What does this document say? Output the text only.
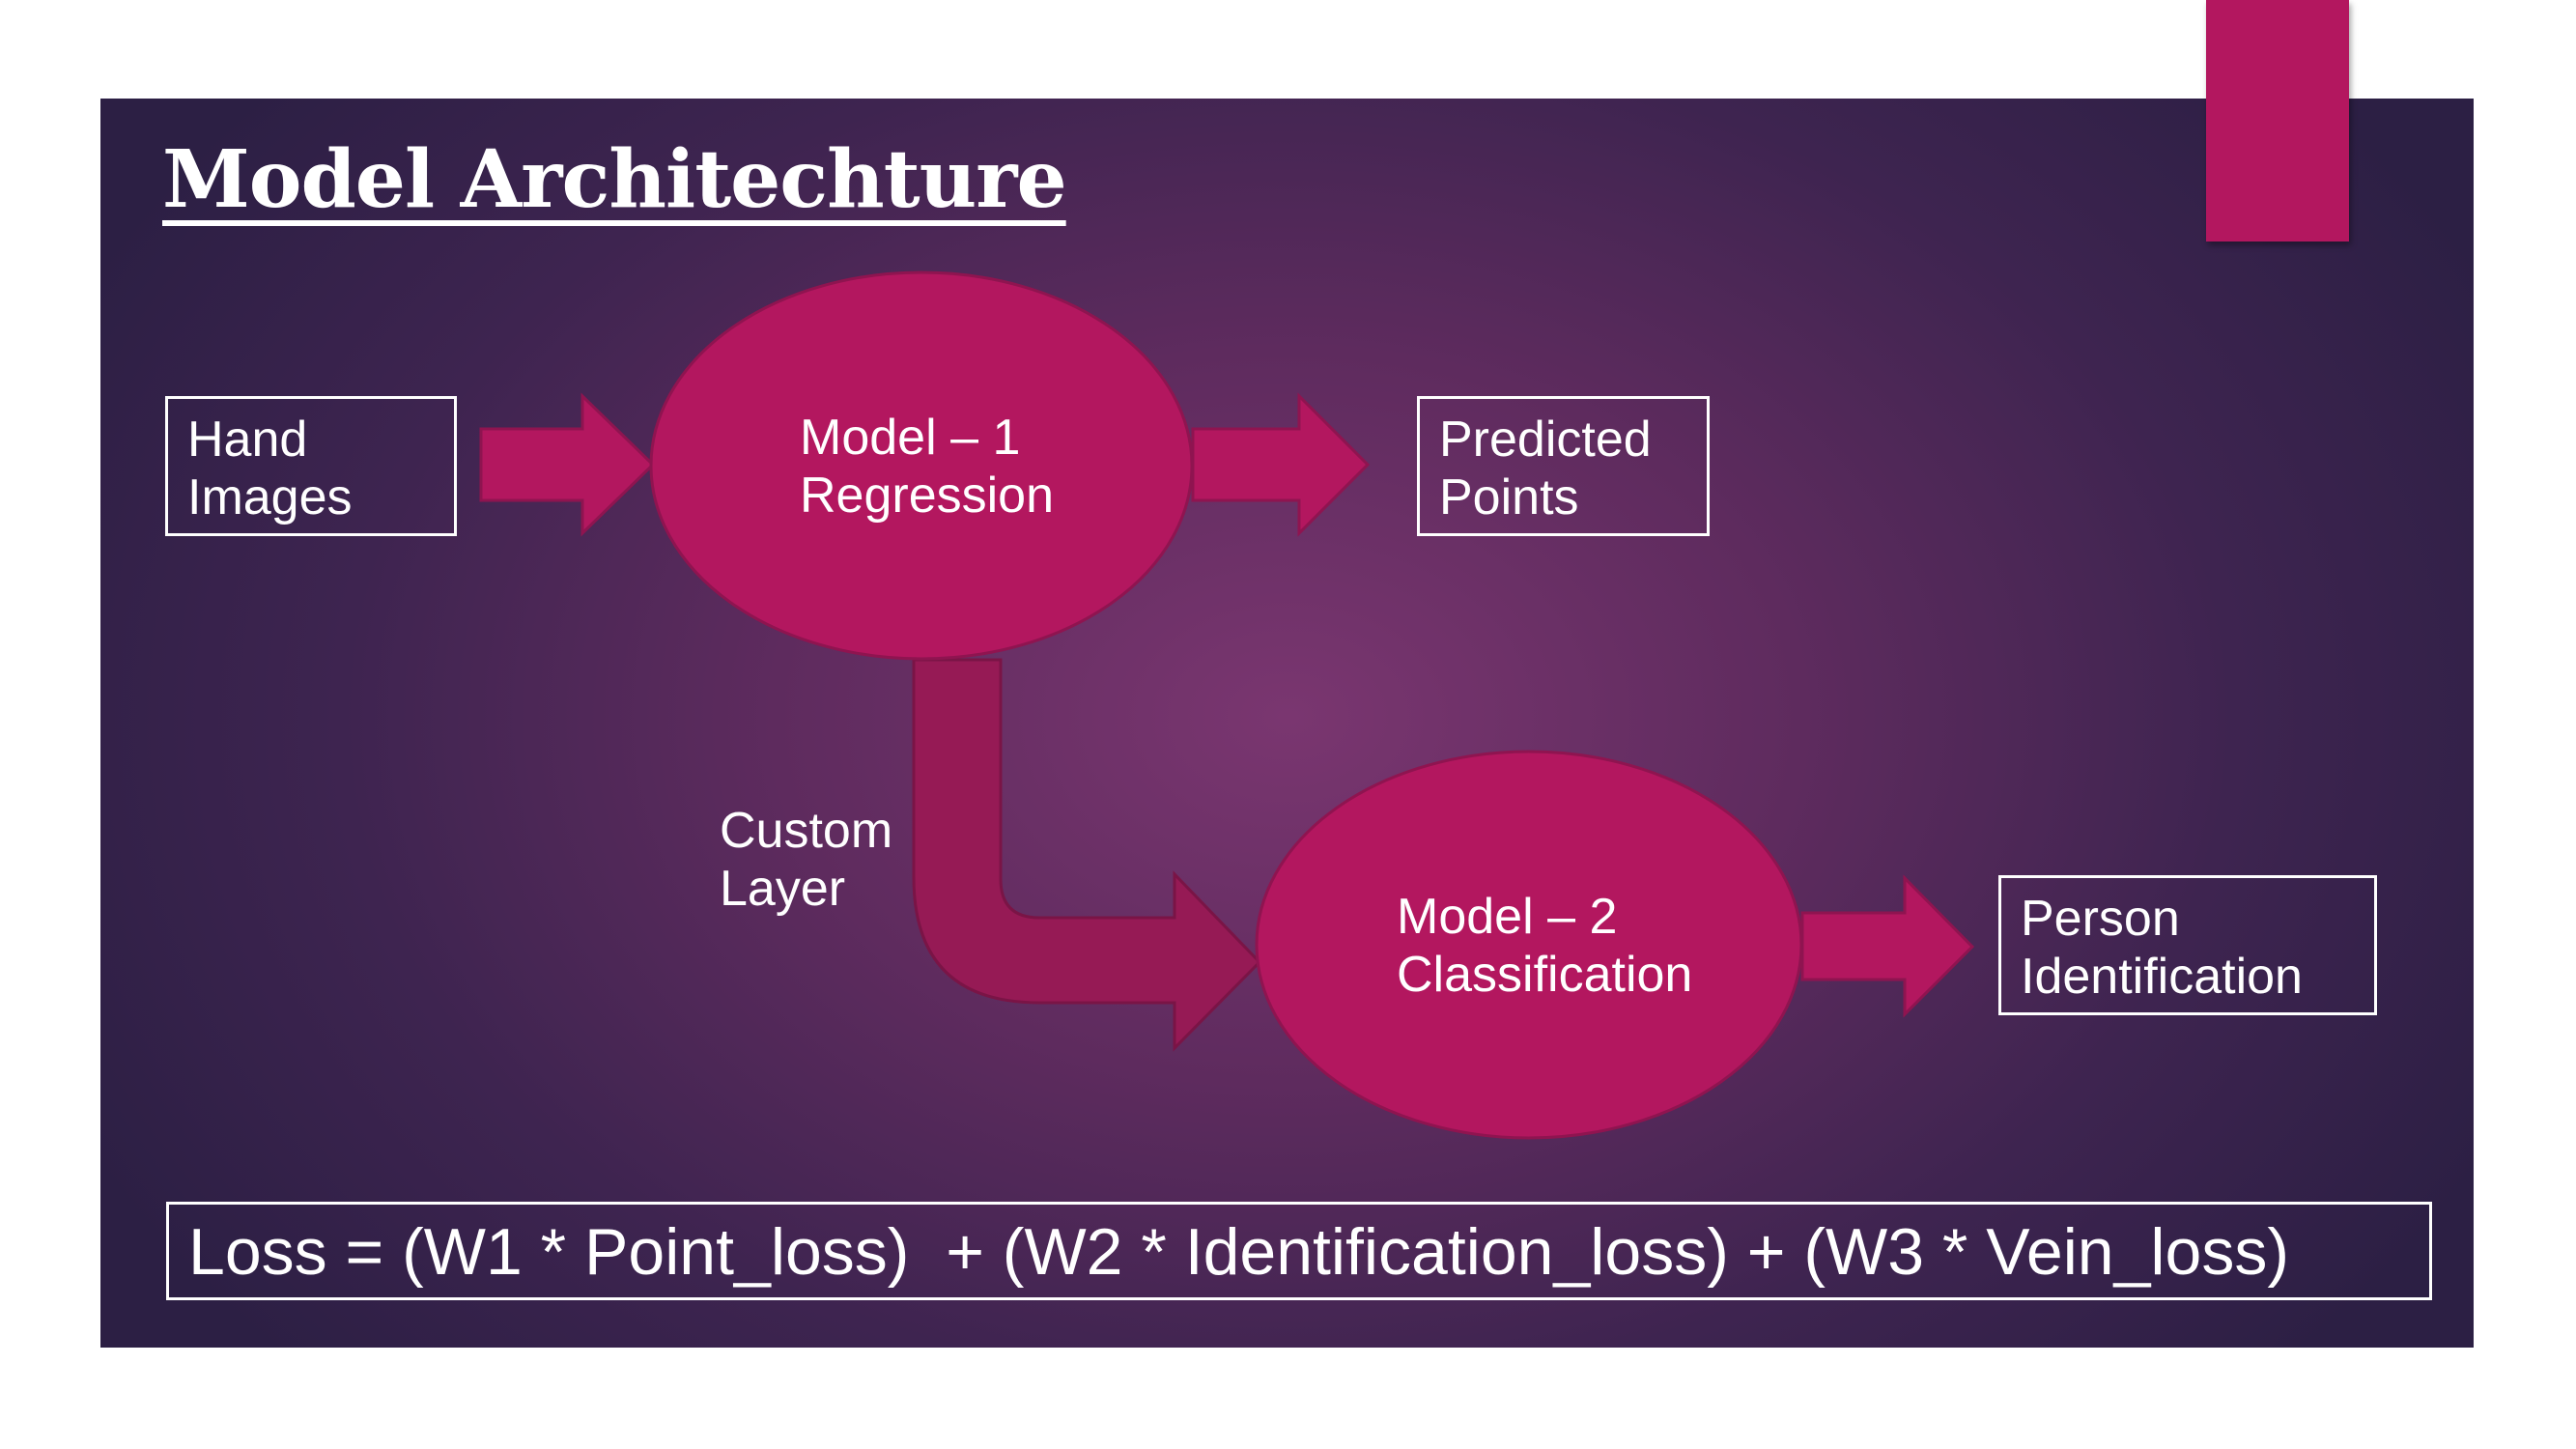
Model Architechture
Hand
Images
Model – 1
Regression
Predicted
Points
Custom
Layer	Model – 2
Classification
Person
Identification
Loss = (W1 * Point_loss)  + (W2 * Identification_loss) + (W3 * Vein_loss)
